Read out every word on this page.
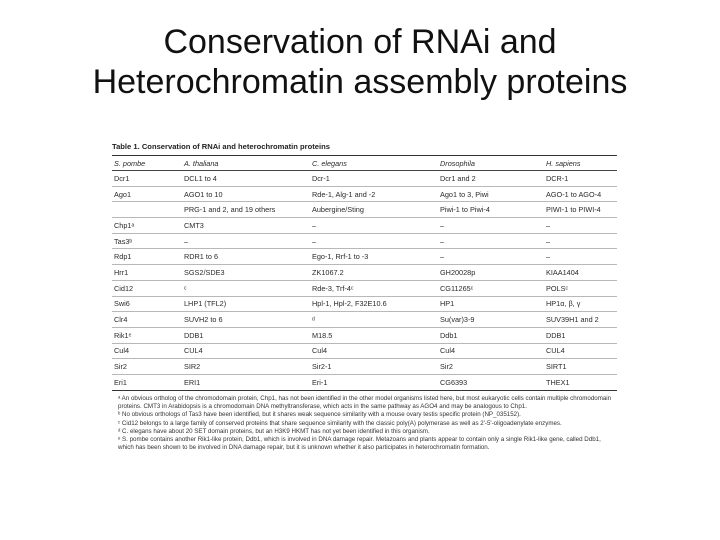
Conservation of RNAi and
Heterochromatin assembly proteins
Table 1. Conservation of RNAi and heterochromatin proteins
S. pombe	A. thaliana	C. elegans	Drosophila	H. sapiens
Dcr1	DCL1 to 4	Dcr-1	Dcr1 and 2	DCR-1
Ago1	AGO1 to 10	Rde-1, Alg-1 and -2	Ago1 to 3, Piwi	AGO-1 to AGO-4
	PRG-1 and 2, and 19 others	Aubergine/Sting	Piwi-1 to Piwi-4	PIWI-1 to PIWI-4
Chp1ᵃ	CMT3	–	–	–
Tas3ᵇ	–	–	–	–
Rdp1	RDR1 to 6	Ego-1, Rrf-1 to -3	–	–
Hrr1	SGS2/SDE3	ZK1067.2	GH20028p	KIAA1404
Cid12	ᶜ	Rde-3, Trf-4ᶜ	CG11265ᶜ	POLSᶜ
Swi6	LHP1 (TFL2)	Hpl-1, Hpl-2, F32E10.6	HP1	HP1α, β, γ
Clr4	SUVH2 to 6	ᵈ	Su(var)3-9	SUV39H1 and 2
Rik1ᵉ	DDB1	M18.5	Ddb1	DDB1
Cul4	CUL4	Cul4	Cul4	CUL4
Sir2	SIR2	Sir2-1	Sir2	SIRT1
Eri1	ERI1	Eri-1	CG6393	THEX1

ᵃ An obvious ortholog of the chromodomain protein, Chp1, has not been identified in the other model organisms listed here, but most eukaryotic cells contain multiple chromodomain proteins. CMT3 in Arabidopsis is a chromodomain DNA methyltransferase, which acts in the same pathway as AGO4 and may be analogous to Chp1.

ᵇ No obvious orthologs of Tas3 have been identified, but it shares weak sequence similarity with a mouse ovary testis specific protein (NP_035152).

ᶜ Cid12 belongs to a large family of conserved proteins that share sequence similarity with the classic poly(A) polymerase as well as 2'-5'-oligoadenylate enzymes.

ᵈ C. elegans have about 20 SET domain proteins, but an H3K9 HKMT has not yet been identified in this organism.

ᵉ S. pombe contains another Rik1-like protein, Ddb1, which is involved in DNA damage repair. Metazoans and plants appear to contain only a single Rik1-like gene, called Ddb1, which has been shown to be involved in DNA damage repair, but it is unknown whether it also participates in heterochromatin formation.
